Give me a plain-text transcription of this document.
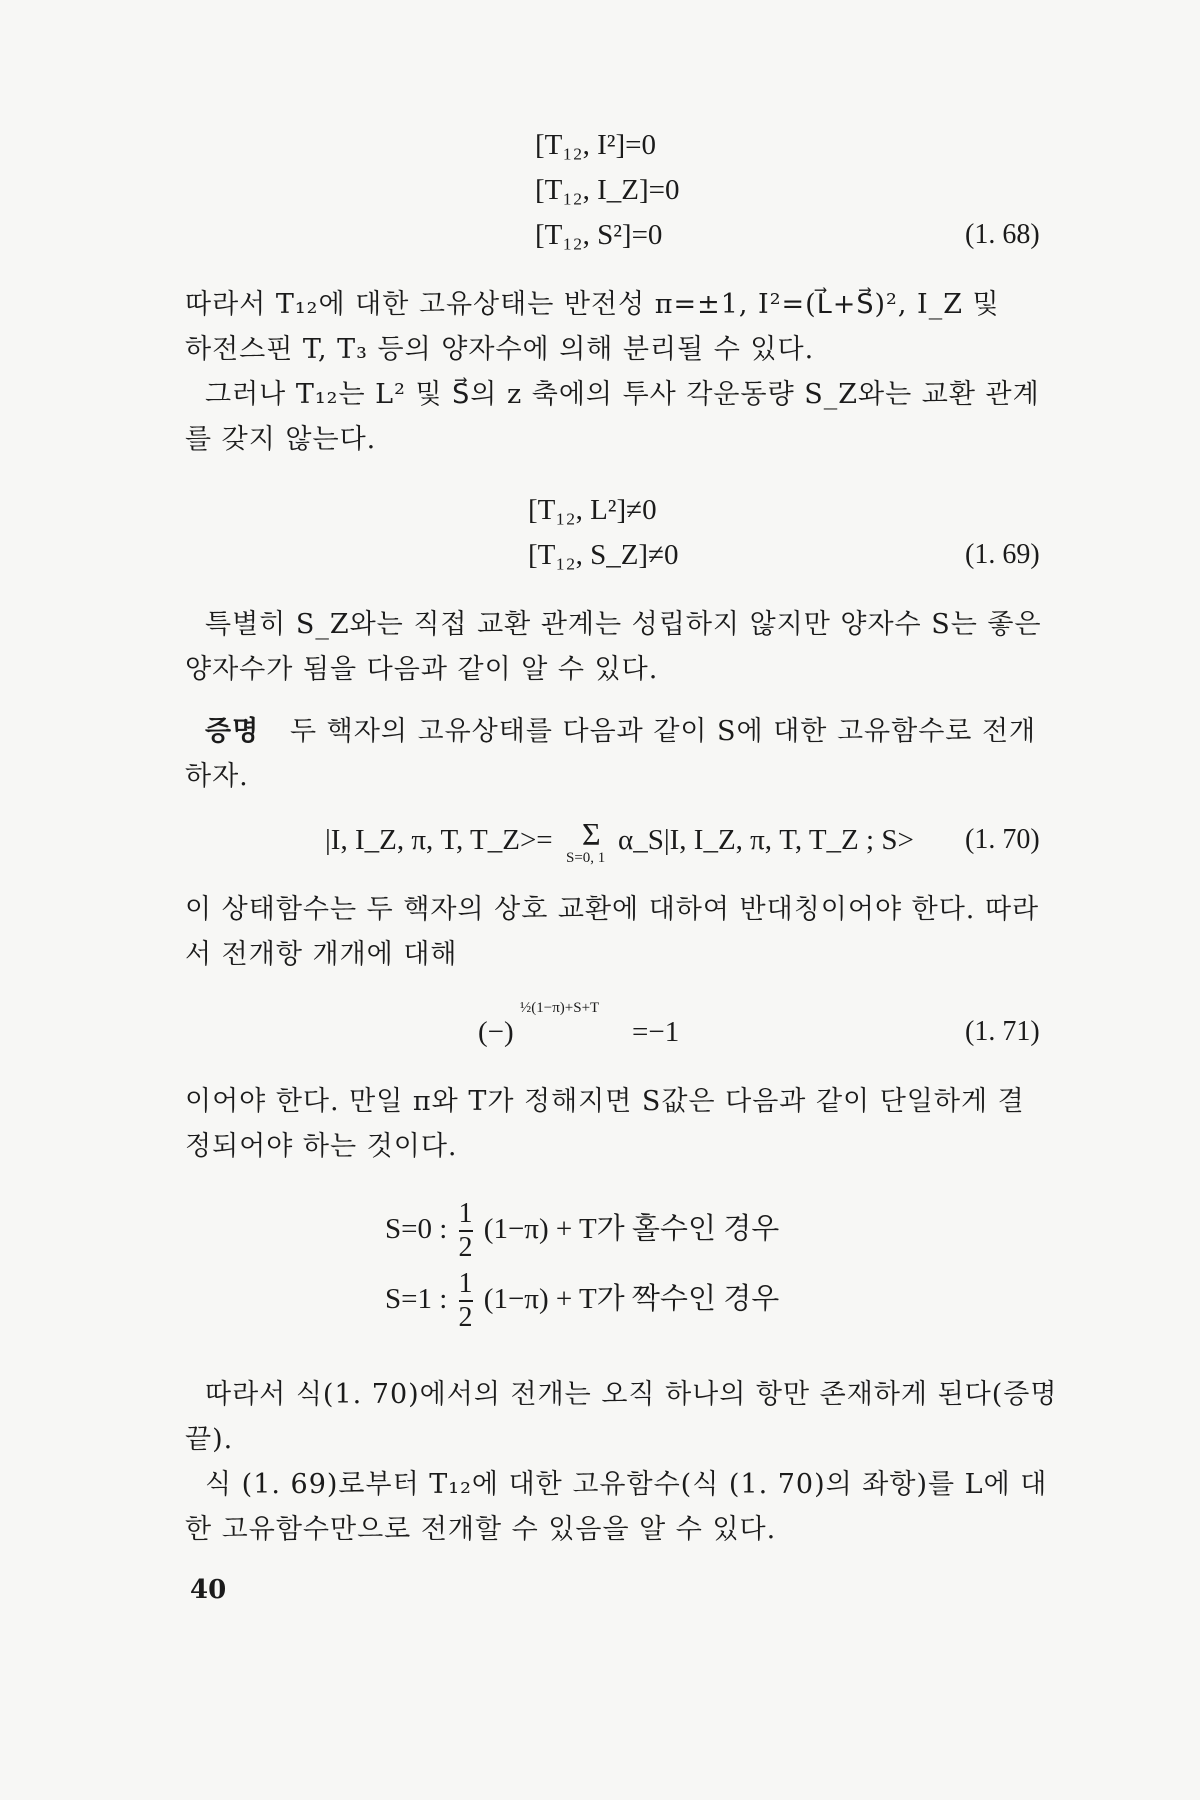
[T₁₂, I²]=0
[T₁₂, I_Z]=0
[T₁₂, S²]=0	(1. 68)
따라서 T₁₂에 대한 고유상태는 반전성 π=±1, I²=(L⃗+S⃗)², I_Z 및
하전스핀 T, T₃ 등의 양자수에 의해 분리될 수 있다.
그러나 T₁₂는 L² 및 S⃗의 z 축에의 투사 각운동량 S_Z와는 교환 관계
를 갖지 않는다.
[T₁₂, L²]≠0
[T₁₂, S_Z]≠0	(1. 69)
특별히 S_Z와는 직접 교환 관계는 성립하지 않지만 양자수 S는 좋은
양자수가 됨을 다음과 같이 알 수 있다.
증명 두 핵자의 고유상태를 다음과 같이 S에 대한 고유함수로 전개
하자.
|I, I_Z, π, T, T_Z>= Σ
S=0, 1
α_S|I, I_Z, π, T, T_Z ; S> (1. 70)
이 상태함수는 두 핵자의 상호 교환에 대하여 반대칭이어야 한다. 따라
서 전개항 개개에 대해
(−)
½(1−π)+S+T
=−1	(1. 71)
이어야 한다. 만일 π와 T가 정해지면 S값은 다음과 같이 단일하게 결
정되어야 하는 것이다.
S=0 : $\frac{1}{2} (1-\pi) + T$가 홀수인 경우
S=1 : $\frac{1}{2} (1-\pi) + T$가 짝수인 경우
따라서 식(1. 70)에서의 전개는 오직 하나의 항만 존재하게 된다(증명
끝).
식 (1. 69)로부터 T₁₂에 대한 고유함수(식 (1. 70)의 좌항)를 L에 대
한 고유함수만으로 전개할 수 있음을 알 수 있다.
40
